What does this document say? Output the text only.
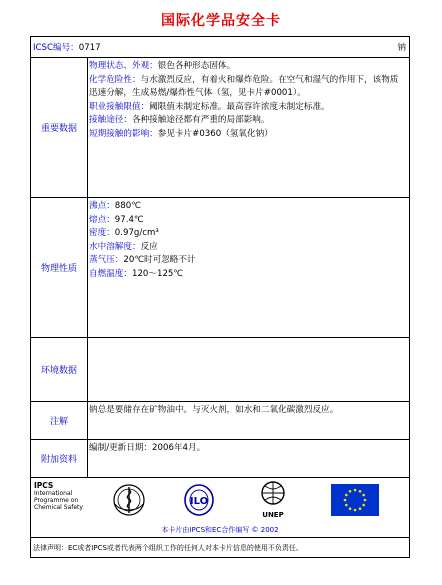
国际化学品安全卡
ICSC编号：0717	钠
重要数据
物理状态、外观：银色各种形态固体。
化学危险性：与水激烈反应，有着火和爆炸危险。在空气和湿气的作用下，该物质迅速分解，生成易燃/爆炸性气体（氢，见卡片#0001）。
职业接触限值：阈限值未制定标准。最高容许浓度未制定标准。
接触途径：各种接触途径都有严重的局部影响。
短期接触的影响：参见卡片#0360（氢氧化钠）
物理性质
沸点：880℃
熔点：97.4℃
密度：0.97g/cm³
水中溶解度：反应
蒸气压：20℃时可忽略不计
自燃温度：120～125℃
环境数据
注解
钠总是要储存在矿物油中。与灭火剂，如水和二氧化碳激烈反应。
附加资料
编制/更新日期：2006年4月。
IPCS
International
Programme on
Chemical Safety
ILO
UNEP
本卡片由IPCS和EC合作编写 © 2002
法律声明：EC或者IPCS或者代表两个组织工作的任何人对本卡片信息的使用不负责任。
